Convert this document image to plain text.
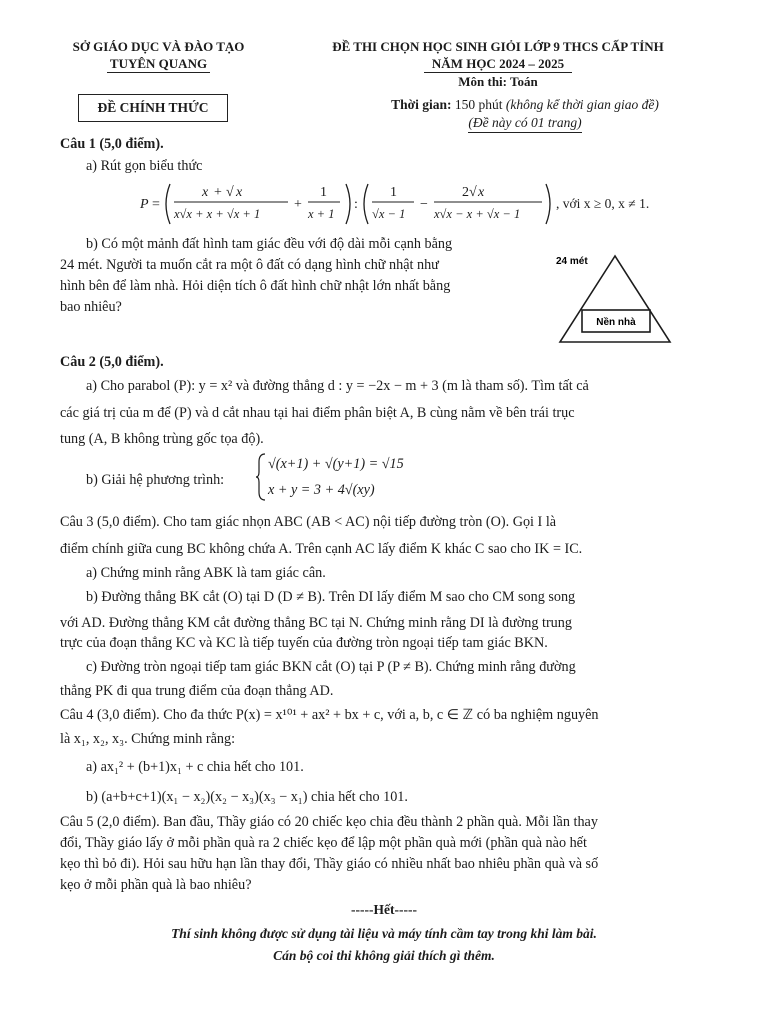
SỞ GIÁO DỤC VÀ ĐÀO TẠO
TUYÊN QUANG
ĐỀ THI CHỌN HỌC SINH GIỎI LỚP 9 THCS CẤP TỈNH
NĂM HỌC 2024 – 2025
Môn thi: Toán
ĐỀ CHÍNH THỨC	Thời gian: 150 phút (không kể thời gian giao đề)
(Đề này có 01 trang)
Câu 1 (5,0 điểm).
a) Rút gọn biểu thức
P =
x + √ x
x√x + x + √x + 1
+
1
x + 1
:
1
√x − 1
−
2√ x
x√x − x + √x − 1
, với x ≥ 0, x ≠ 1.
b) Có một mảnh đất hình tam giác đều với độ dài mỗi cạnh bằng
24 mét. Người ta muốn cắt ra một ô đất có dạng hình chữ nhật như
hình bên để làm nhà. Hỏi diện tích ô đất hình chữ nhật lớn nhất bằng
bao nhiêu?
24 mét
Nền nhà
Câu 2 (5,0 điểm).
a) Cho parabol (P): y = x² và đường thẳng d : y = −2x − m + 3 (m là tham số). Tìm tất cả
các giá trị của m để (P) và d cắt nhau tại hai điểm phân biệt A, B cùng nằm về bên trái trục
tung (A, B không trùng gốc tọa độ).
b) Giải hệ phương trình:
√(x+1) + √(y+1) = √15
x + y = 3 + 4√(xy)
Câu 3 (5,0 điểm). Cho tam giác nhọn ABC (AB < AC) nội tiếp đường tròn (O). Gọi I là
điểm chính giữa cung BC không chứa A. Trên cạnh AC lấy điểm K khác C sao cho IK = IC.
a) Chứng minh rằng ABK là tam giác cân.
b) Đường thẳng BK cắt (O) tại D (D ≠ B). Trên DI lấy điểm M sao cho CM song song
với AD. Đường thẳng KM cắt đường thẳng BC tại N. Chứng minh rằng DI là đường trung
trực của đoạn thẳng KC và KC là tiếp tuyến của đường tròn ngoại tiếp tam giác BKN.
c) Đường tròn ngoại tiếp tam giác BKN cắt (O) tại P (P ≠ B). Chứng minh rằng đường
thẳng PK đi qua trung điểm của đoạn thẳng AD.
Câu 4 (3,0 điểm). Cho đa thức P(x) = x¹⁰¹ + ax² + bx + c, với a, b, c ∈ ℤ có ba nghiệm nguyên
là x₁, x₂, x₃. Chứng minh rằng:
a) ax₁² + (b+1)x₁ + c chia hết cho 101.
b) (a+b+c+1)(x₁ − x₂)(x₂ − x₃)(x₃ − x₁) chia hết cho 101.
Câu 5 (2,0 điểm). Ban đầu, Thầy giáo có 20 chiếc kẹo chia đều thành 2 phần quà. Mỗi lần thay
đổi, Thầy giáo lấy ở mỗi phần quà ra 2 chiếc kẹo để lập một phần quà mới (phần quà nào hết
kẹo thì bỏ đi). Hỏi sau hữu hạn lần thay đổi, Thầy giáo có nhiều nhất bao nhiêu phần quà và số
kẹo ở mỗi phần quà là bao nhiêu?
-----Hết-----
Thí sinh không được sử dụng tài liệu và máy tính cầm tay trong khi làm bài.
Cán bộ coi thi không giải thích gì thêm.
